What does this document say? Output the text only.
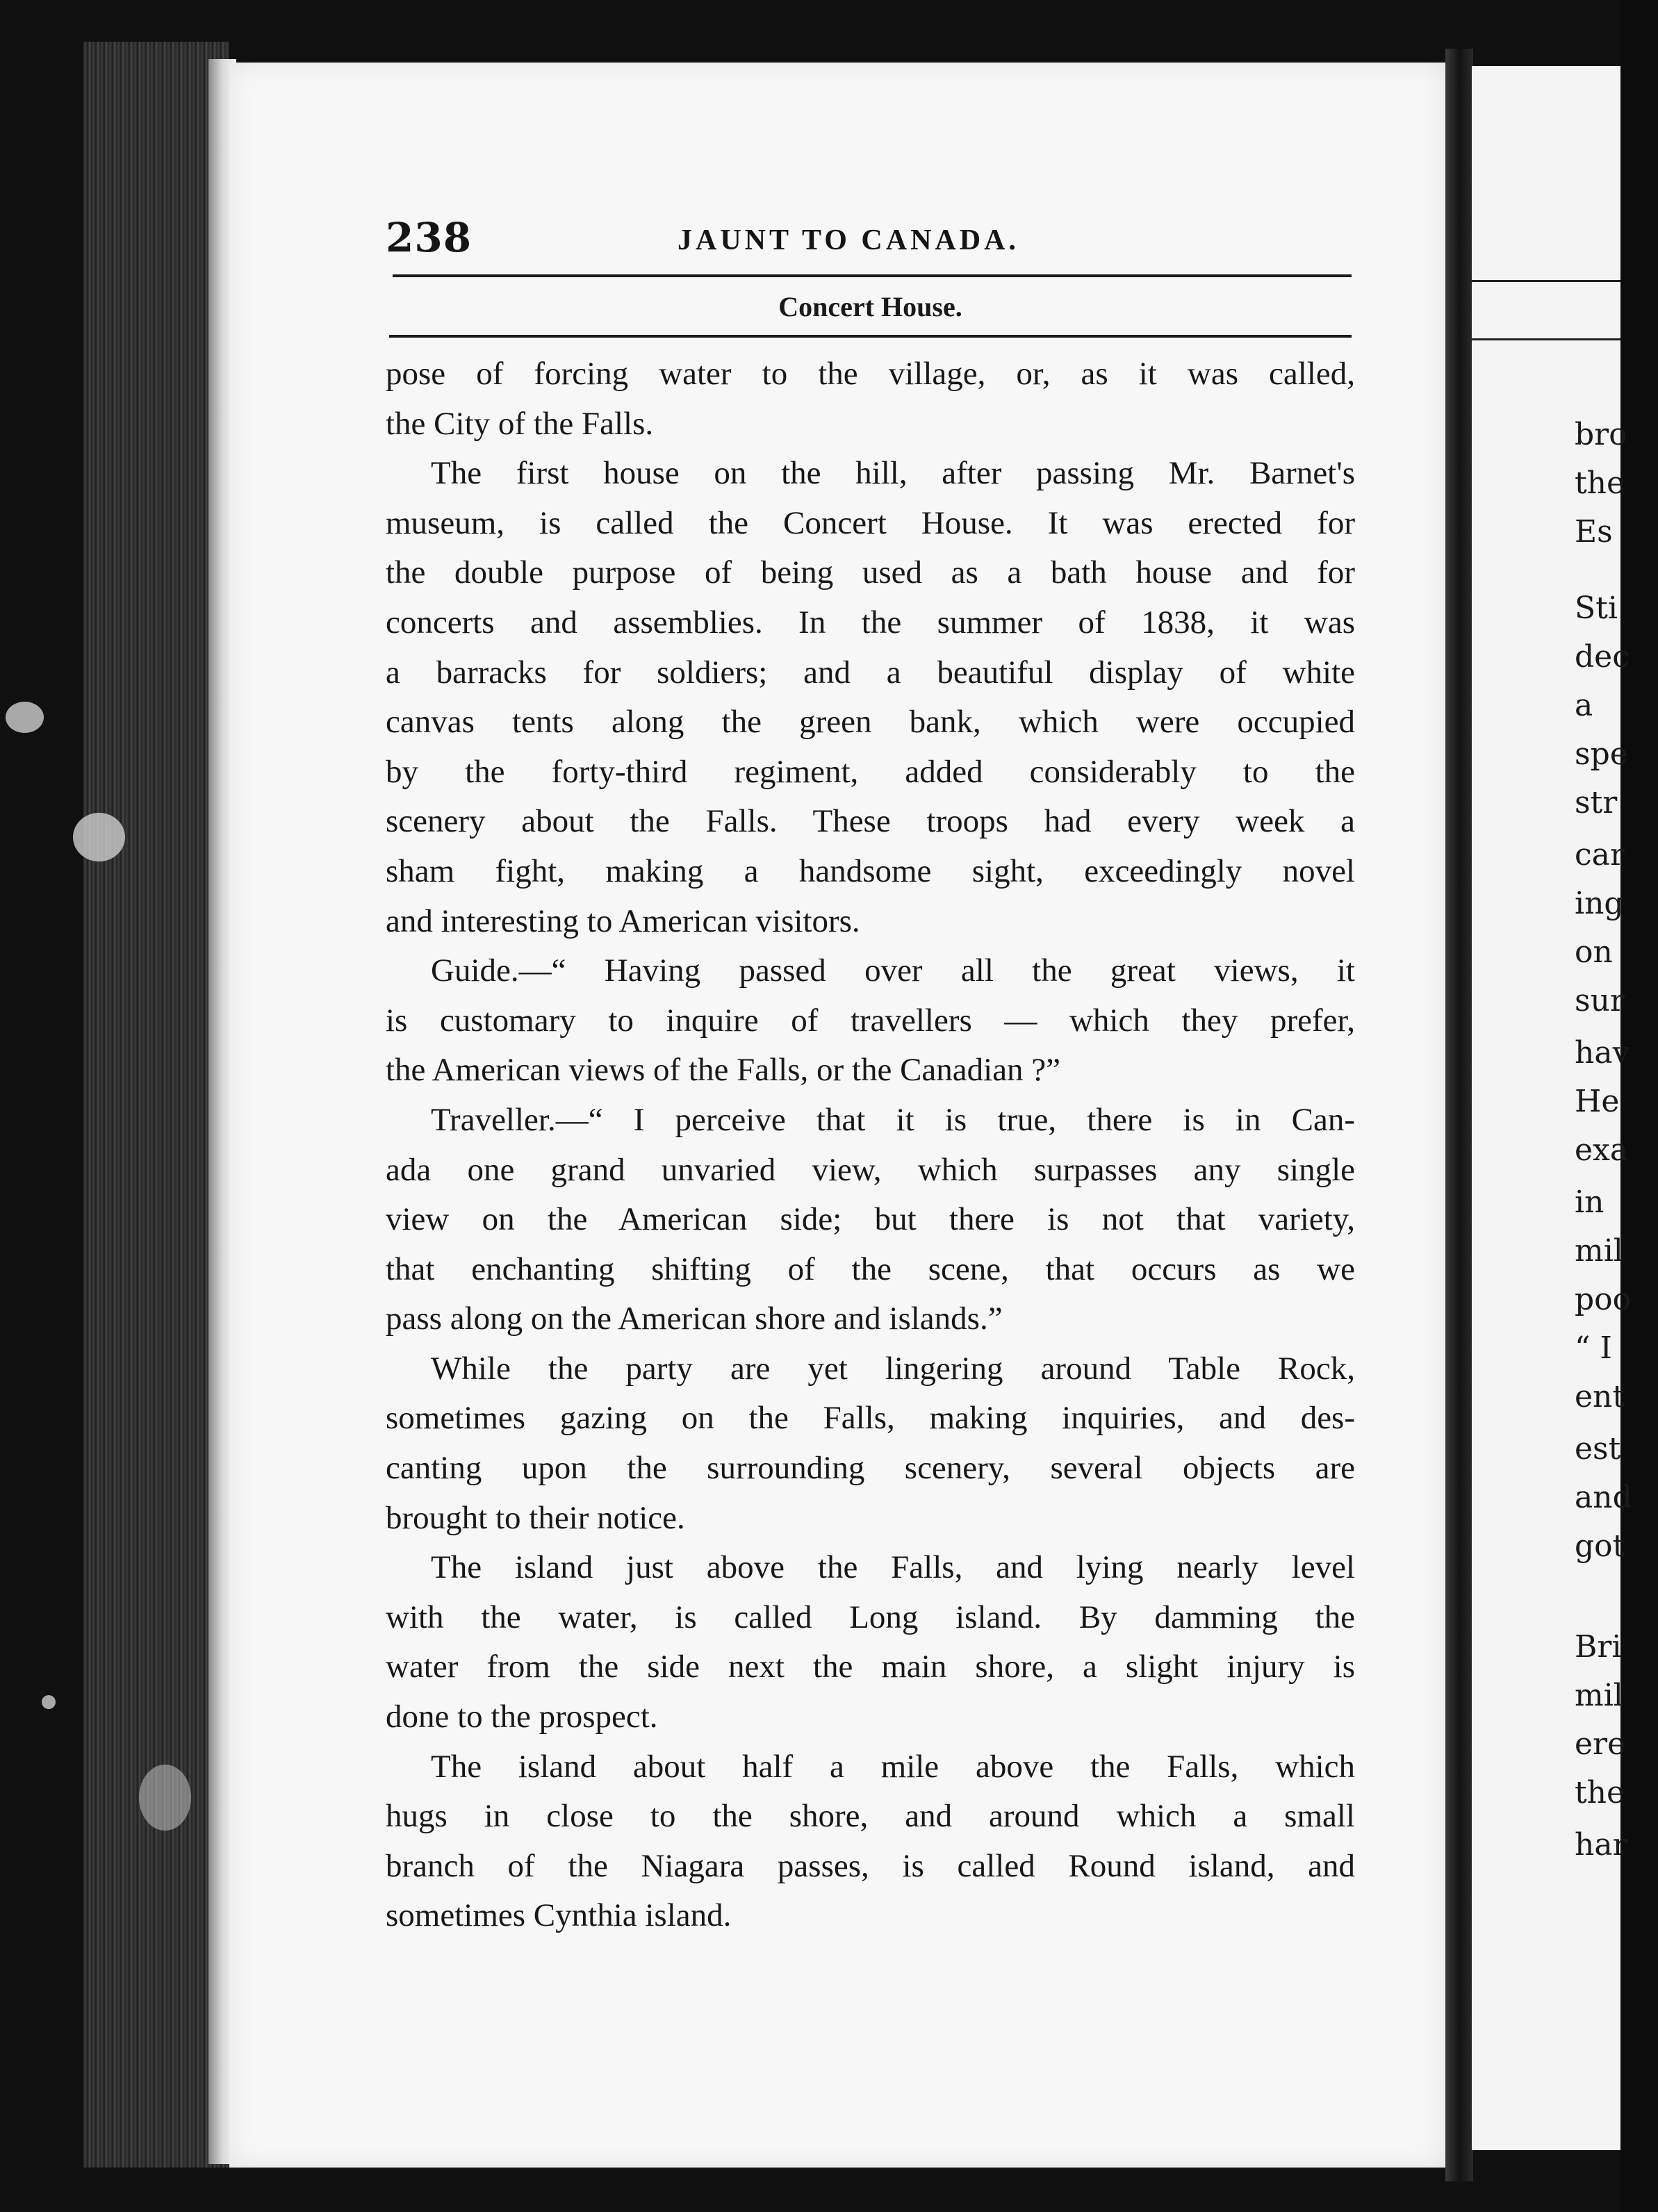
bro
the
Es
Sti
dec
a
spe
str
car
ing
on
sur
hav
He
exa
in
mil
poo
“ I
ent
est
and
got
Bri
mil
ere
the
har
238	JAUNT TO CANADA.
Concert House.
pose of forcing water to the village, or, as it was called,
the City of the Falls.
The first house on the hill, after passing Mr. Barnet's
museum, is called the Concert House. It was erected for
the double purpose of being used as a bath house and for
concerts and assemblies. In the summer of 1838, it was
a barracks for soldiers; and a beautiful display of white
canvas tents along the green bank, which were occupied
by the forty-third regiment, added considerably to the
scenery about the Falls. These troops had every week a
sham fight, making a handsome sight, exceedingly novel
and interesting to American visitors.
Guide.—“ Having passed over all the great views, it
is customary to inquire of travellers — which they prefer,
the American views of the Falls, or the Canadian ?”
Traveller.—“ I perceive that it is true, there is in Can-
ada one grand unvaried view, which surpasses any single
view on the American side; but there is not that variety,
that enchanting shifting of the scene, that occurs as we
pass along on the American shore and islands.”
While the party are yet lingering around Table Rock,
sometimes gazing on the Falls, making inquiries, and des-
canting upon the surrounding scenery, several objects are
brought to their notice.
The island just above the Falls, and lying nearly level
with the water, is called Long island. By damming the
water from the side next the main shore, a slight injury is
done to the prospect.
The island about half a mile above the Falls, which
hugs in close to the shore, and around which a small
branch of the Niagara passes, is called Round island, and
sometimes Cynthia island.
